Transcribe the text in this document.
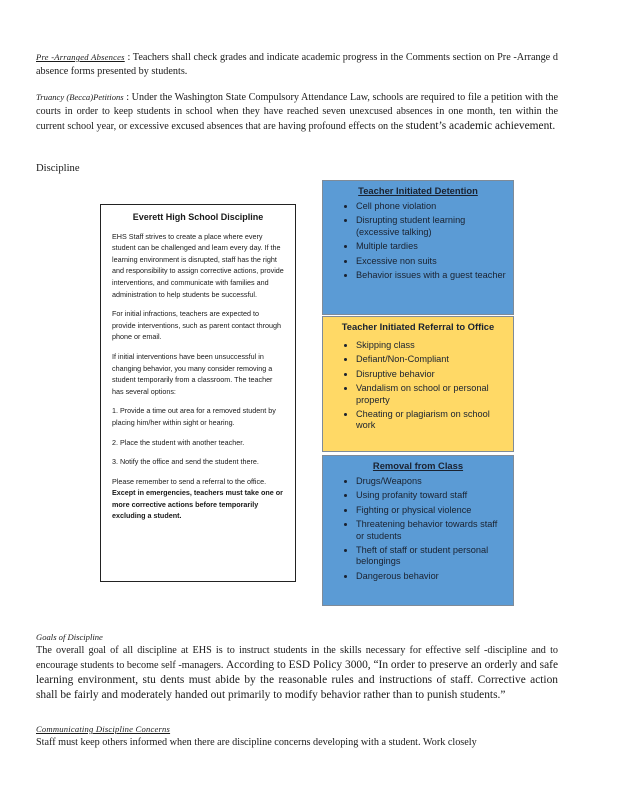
Pre -Arranged Absences : Teachers shall check grades and indicate academic progress in the Comments section on Pre -Arrange d absence forms presented by students.
Truancy (Becca)Petitions : Under the Washington State Compulsory Attendance Law, schools are required to file a petition with the courts in order to keep students in school when they have reached seven unexcused absences in one month, ten within the current school year, or excessive excused absences that are having profound effects on the student’s academic achievement.
Discipline
Everett High School Discipline

EHS Staff strives to create a place where every student can be challenged and learn every day. If the learning environment is disrupted, staff has the right and responsibility to assign corrective actions, provide interventions, and communicate with families and administration to help students be successful.

For initial infractions, teachers are expected to provide interventions, such as parent contact through phone or email.

If initial interventions have been unsuccessful in changing behavior, you many consider removing a student temporarily from a classroom. The teacher has several options:

1. Provide a time out area for a removed student by placing him/her within sight or hearing.

2. Place the student with another teacher.

3. Notify the office and send the student there.

Please remember to send a referral to the office. Except in emergencies, teachers must take one or more corrective actions before temporarily excluding a student.

Teacher Initiated Detention
• Cell phone violation
• Disrupting student learning (excessive talking)
• Multiple tardies
• Excessive non suits
• Behavior issues with a guest teacher
Teacher Initiated Referral to Office
• Skipping class
• Defiant/Non-Compliant
• Disruptive behavior
• Vandalism on school or personal property
• Cheating or plagiarism on school work
Removal from Class
• Drugs/Weapons
• Using profanity toward staff
• Fighting or physical violence
• Threatening behavior towards staff or students
• Theft of staff or student personal belongings
• Dangerous behavior
Goals of Discipline
The overall goal of all discipline at EHS is to instruct students in the skills necessary for effective self -discipline and to encourage students to become self -managers. According to ESD Policy 3000, “In order to preserve an orderly and safe learning environment, stu dents must abide by the reasonable rules and instructions of staff. Corrective action shall be fairly and moderately handed out primarily to modify behavior rather than to punish students.”
Communicating Discipline Concerns
Staff must keep others informed when there are discipline concerns developing with a student. Work closely
